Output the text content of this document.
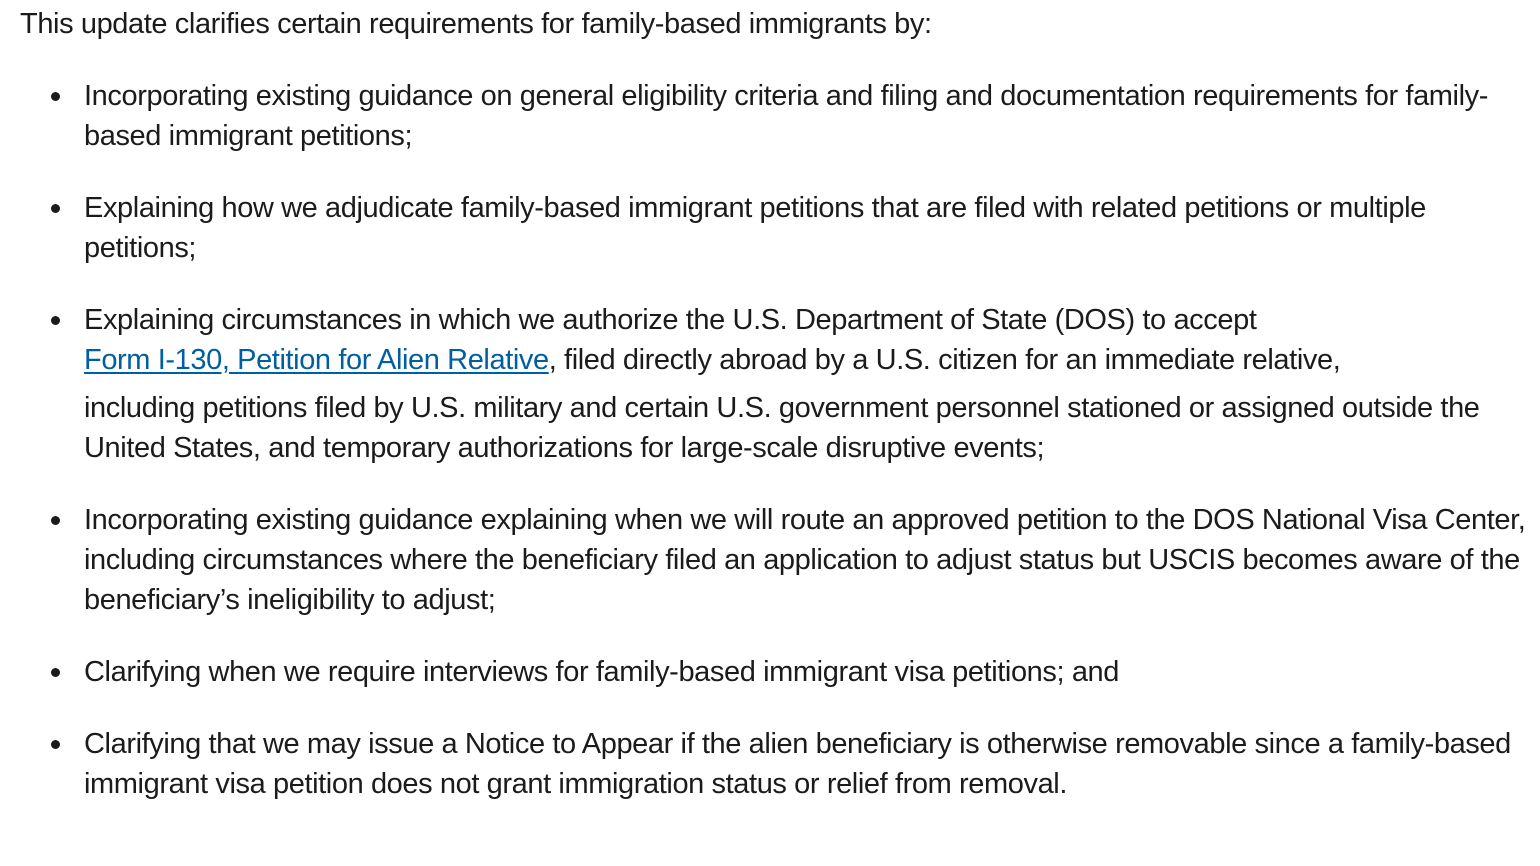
This update clarifies certain requirements for family-based immigrants by:

Incorporating existing guidance on general eligibility criteria and filing and documentation requirements for family-based immigrant petitions;
Explaining how we adjudicate family-based immigrant petitions that are filed with related petitions or multiple petitions;
Explaining circumstances in which we authorize the U.S. Department of State (DOS) to accept
Form I-130, Petition for Alien Relative, filed directly abroad by a U.S. citizen for an immediate relative,
including petitions filed by U.S. military and certain U.S. government personnel stationed or assigned outside the United States, and temporary authorizations for large-scale disruptive events;
Incorporating existing guidance explaining when we will route an approved petition to the DOS National Visa Center, including circumstances where the beneficiary filed an application to adjust status but USCIS becomes aware of the beneficiary’s ineligibility to adjust;
Clarifying when we require interviews for family-based immigrant visa petitions; and
Clarifying that we may issue a Notice to Appear if the alien beneficiary is otherwise removable since a family-based immigrant visa petition does not grant immigration status or relief from removal.
